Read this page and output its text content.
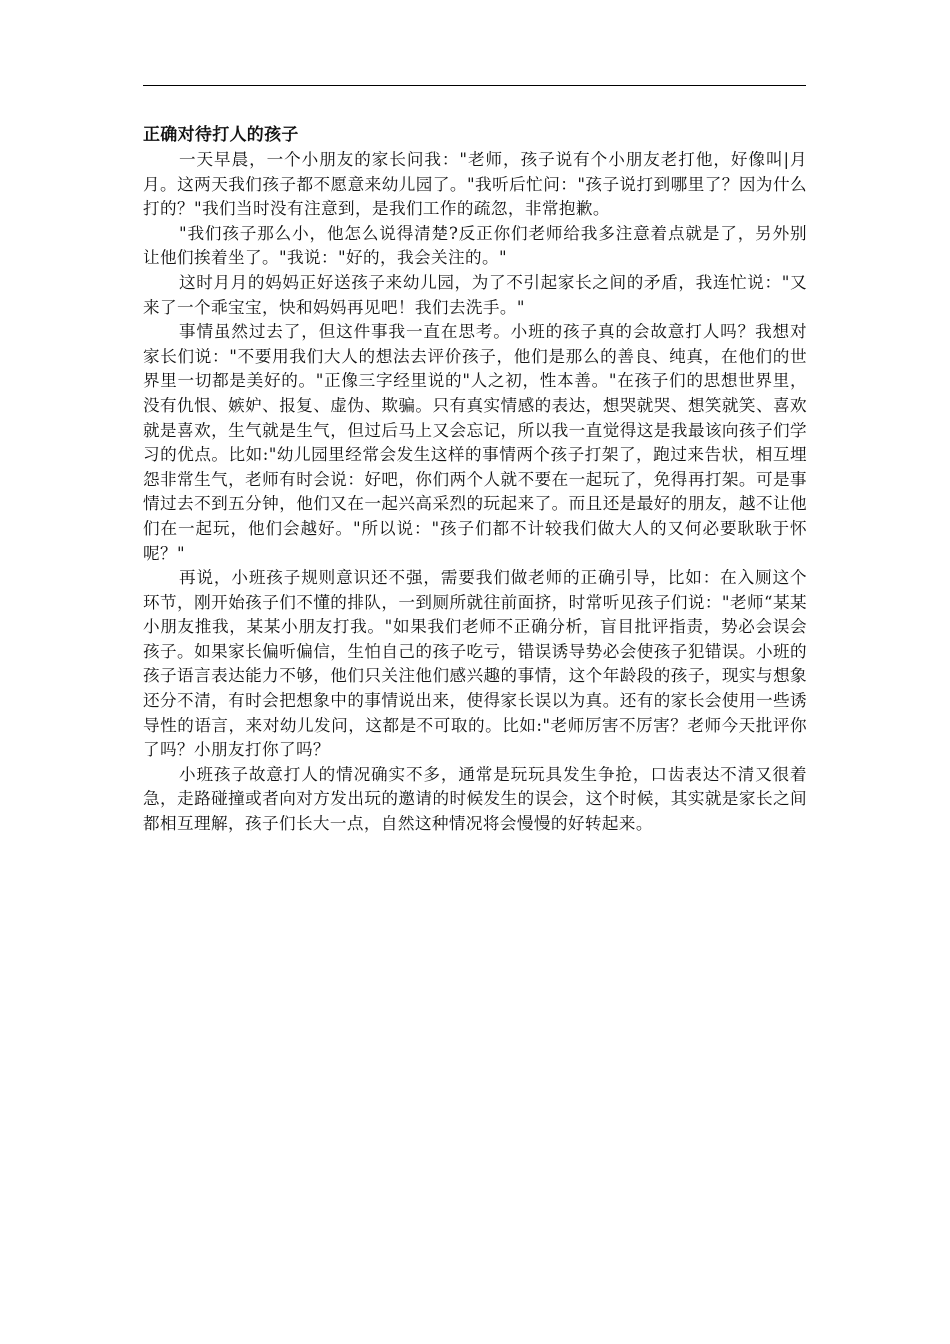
正确对待打人的孩子

一天早晨，一个小朋友的家长问我："老师，孩子说有个小朋友老打他，好像叫|月月。这两天我们孩子都不愿意来幼儿园了。"我听后忙问："孩子说打到哪里了？因为什么打的？"我们当时没有注意到，是我们工作的疏忽，非常抱歉。

"我们孩子那么小，他怎么说得清楚?反正你们老师给我多注意着点就是了，另外别让他们挨着坐了。"我说："好的，我会关注的。"

这时月月的妈妈正好送孩子来幼儿园，为了不引起家长之间的矛盾，我连忙说："又来了一个乖宝宝，快和妈妈再见吧！我们去洗手。"

事情虽然过去了，但这件事我一直在思考。小班的孩子真的会故意打人吗？我想对家长们说："不要用我们大人的想法去评价孩子，他们是那么的善良、纯真，在他们的世界里一切都是美好的。"正像三字经里说的"人之初，性本善。"在孩子们的思想世界里，没有仇恨、嫉妒、报复、虚伪、欺骗。只有真实情感的表达，想哭就哭、想笑就笑、喜欢就是喜欢，生气就是生气，但过后马上又会忘记，所以我一直觉得这是我最该向孩子们学习的优点。比如:"幼儿园里经常会发生这样的事情两个孩子打架了，跑过来告状，相互埋怨非常生气，老师有时会说：好吧，你们两个人就不要在一起玩了，免得再打架。可是事情过去不到五分钟，他们又在一起兴高采烈的玩起来了。而且还是最好的朋友，越不让他们在一起玩，他们会越好。"所以说："孩子们都不计较我们做大人的又何必要耿耿于怀呢？"

再说，小班孩子规则意识还不强，需要我们做老师的正确引导，比如：在入厕这个环节，刚开始孩子们不懂的排队，一到厕所就往前面挤，时常听见孩子们说："老师“某某小朋友推我，某某小朋友打我。"如果我们老师不正确分析，盲目批评指责，势必会误会孩子。如果家长偏听偏信，生怕自己的孩子吃亏，错误诱导势必会使孩子犯错误。小班的孩子语言表达能力不够，他们只关注他们感兴趣的事情，这个年龄段的孩子，现实与想象还分不清，有时会把想象中的事情说出来，使得家长误以为真。还有的家长会使用一些诱导性的语言，来对幼儿发问，这都是不可取的。比如:"老师厉害不厉害？老师今天批评你了吗？小朋友打你了吗？

小班孩子故意打人的情况确实不多，通常是玩玩具发生争抢，口齿表达不清又很着急，走路碰撞或者向对方发出玩的邀请的时候发生的误会，这个时候，其实就是家长之间都相互理解，孩子们长大一点，自然这种情况将会慢慢的好转起来。
